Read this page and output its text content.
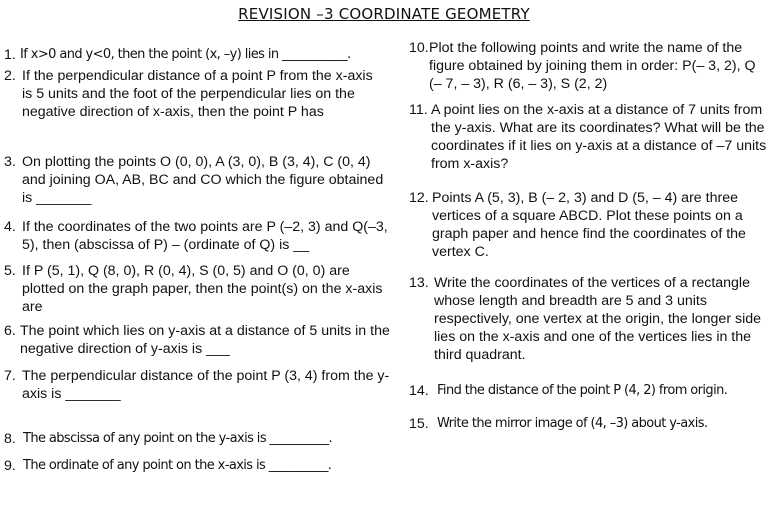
REVISION –3 COORDINATE GEOMETRY
1. If x>0 and y<0, then the point (x, –y) lies in ___________.
2. If the perpendicular distance of a point P from the x-axis is 5 units and the foot of the perpendicular lies on the negative direction of x-axis, then the point P has
3. On plotting the points O (0, 0), A (3, 0), B (3, 4), C (0, 4) and joining OA, AB, BC and CO which the figure obtained is _______
4. If the coordinates of the two points are P (–2, 3) and Q(–3, 5), then (abscissa of P) – (ordinate of Q) is __
5. If P (5, 1), Q (8, 0), R (0, 4), S (0, 5) and O (0, 0) are plotted on the graph paper, then the point(s) on the x-axis are
6. The point which lies on y-axis at a distance of 5 units in the negative direction of y-axis is ___
7. The perpendicular distance of the point P (3, 4) from the y-axis is _______
8. The abscissa of any point on the y-axis is __________.
9. The ordinate of any point on the x-axis is __________.
10. Plot the following points and write the name of the figure obtained by joining them in order: P(– 3, 2), Q (– 7, – 3), R (6, – 3), S (2, 2)
11. A point lies on the x-axis at a distance of 7 units from the y-axis. What are its coordinates? What will be the coordinates if it lies on y-axis at a distance of –7 units from x-axis?
12. Points A (5, 3), B (– 2, 3) and D (5, – 4) are three vertices of a square ABCD. Plot these points on a graph paper and hence find the coordinates of the vertex C.
13. Write the coordinates of the vertices of a rectangle whose length and breadth are 5 and 3 units respectively, one vertex at the origin, the longer side lies on the x-axis and one of the vertices lies in the third quadrant.
14. Find the distance of the point P (4, 2) from origin.
15. Write the mirror image of (4, –3) about y-axis.
